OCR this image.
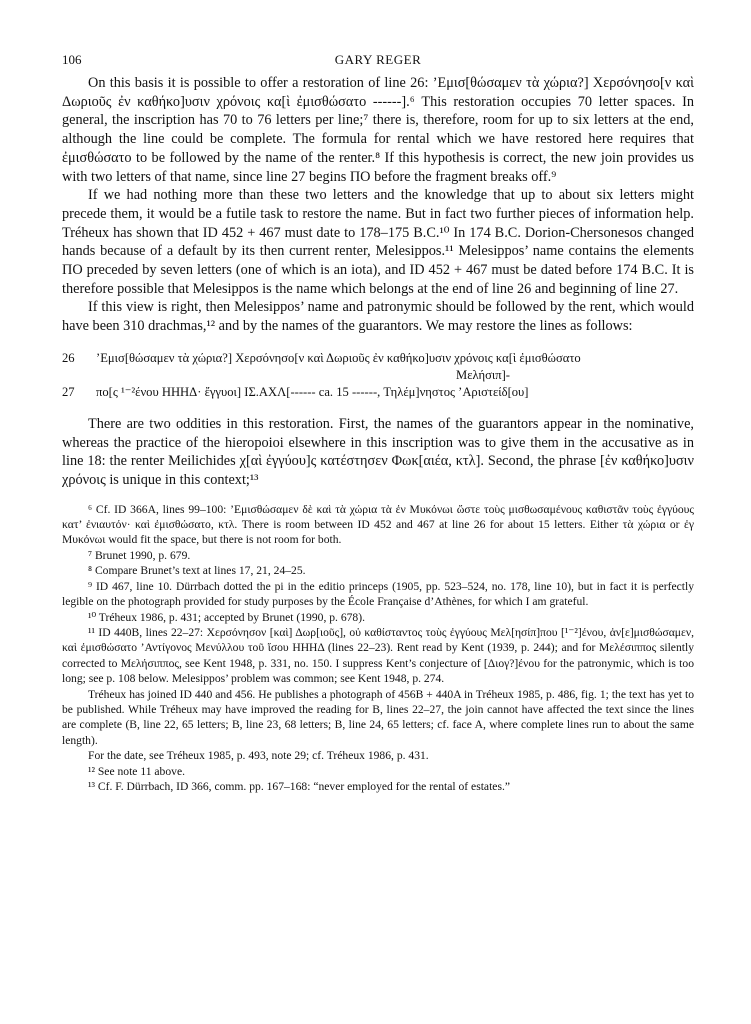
106	GARY REGER

On this basis it is possible to offer a restoration of line 26: ’Εμισ[θώσαμεν τὰ χώρια?] Χερσόνησο[ν καὶ Δωριοῦς ἐν καθήκο]υσιν χρόνοις κα[ὶ ἐμισθώσατο ------].⁶ This restoration occupies 70 letter spaces. In general, the inscription has 70 to 76 letters per line;⁷ there is, therefore, room for up to six letters at the end, although the line could be complete. The formula for rental which we have restored here requires that ἐμισθώσατο to be followed by the name of the renter.⁸ If this hypothesis is correct, the new join provides us with two letters of that name, since line 27 begins ΠΟ before the fragment breaks off.⁹

If we had nothing more than these two letters and the knowledge that up to about six letters might precede them, it would be a futile task to restore the name. But in fact two further pieces of information help. Tréheux has shown that ID 452 + 467 must date to 178–175 B.C.¹⁰ In 174 B.C. Dorion-Chersonesos changed hands because of a default by its then current renter, Melesippos.¹¹ Melesippos’ name contains the elements ΠΟ preceded by seven letters (one of which is an iota), and ID 452 + 467 must be dated before 174 B.C. It is therefore possible that Melesippos is the name which belongs at the end of line 26 and beginning of line 27.

If this view is right, then Melesippos’ name and patronymic should be followed by the rent, which would have been 310 drachmas,¹² and by the names of the guarantors. We may restore the lines as follows:

26	’Εμισ[θώσαμεν τὰ χώρια?] Χερσόνησο[ν καὶ Δωριοῦς ἐν καθήκο]υσιν χρόνοις κα[ὶ ἐμισθώσατο
Μελήσιπ]-
27	πο[ς ¹⁻²ένου ΗΗΗΔ· ἔγγυοι] ΙΣ.ΑΧΛ[------ ca. 15 ------, Τηλέμ]νηστος ’Αριστείδ[ου]

There are two oddities in this restoration. First, the names of the guarantors appear in the nominative, whereas the practice of the hieropoioi elsewhere in this inscription was to give them in the accusative as in line 18: the renter Meilichides χ[αὶ ἐγγύου]ς κατέστησεν Φωκ[αιέα, κτλ]. Second, the phrase [ἐν καθήκο]υσιν χρόνοις is unique in this context;¹³

⁶ Cf. ID 366A, lines 99–100: ’Εμισθώσαμεν δὲ καὶ τὰ χώρια τὰ ἐν Μυκόνωι ὥστε τοὺς μισθωσαμένους καθιστᾶν τοὺς ἐγγύους κατ’ ἐνιαυτόν· καὶ ἐμισθώσατο, κτλ. There is room between ID 452 and 467 at line 26 for about 15 letters. Either τὰ χώρια or ἐγ Μυκόνωι would fit the space, but there is not room for both.

⁷ Brunet 1990, p. 679.

⁸ Compare Brunet’s text at lines 17, 21, 24–25.

⁹ ID 467, line 10. Dürrbach dotted the pi in the editio princeps (1905, pp. 523–524, no. 178, line 10), but in fact it is perfectly legible on the photograph provided for study purposes by the École Française d’Athènes, for which I am grateful.

¹⁰ Tréheux 1986, p. 431; accepted by Brunet (1990, p. 678).

¹¹ ID 440B, lines 22–27: Χερσόνησον [καὶ] Δωρ[ιοῦς], οὐ καθίσταντος τοὺς ἐγγύους Μελ[ησίπ]που [¹⁻²]ένου, ἀν[ε]μισθώσαμεν, καὶ ἐμισθώσατο ’Αντίγονος Μενύλλου τοῦ ἴσου ΗΗΗΔ (lines 22–23). Rent read by Kent (1939, p. 244); and for Μελέσιππος silently corrected to Μελήσιππος, see Kent 1948, p. 331, no. 150. I suppress Kent’s conjecture of [Διογ?]ένου for the patronymic, which is too long; see p. 108 below. Melesippos’ problem was common; see Kent 1948, p. 274.

Tréheux has joined ID 440 and 456. He publishes a photograph of 456B + 440A in Tréheux 1985, p. 486, fig. 1; the text has yet to be published. While Tréheux may have improved the reading for B, lines 22–27, the join cannot have affected the text since the lines are complete (B, line 22, 65 letters; B, line 23, 68 letters; B, line 24, 65 letters; cf. face A, where complete lines run to about the same length).

For the date, see Tréheux 1985, p. 493, note 29; cf. Tréheux 1986, p. 431.

¹² See note 11 above.

¹³ Cf. F. Dürrbach, ID 366, comm. pp. 167–168: “never employed for the rental of estates.”
